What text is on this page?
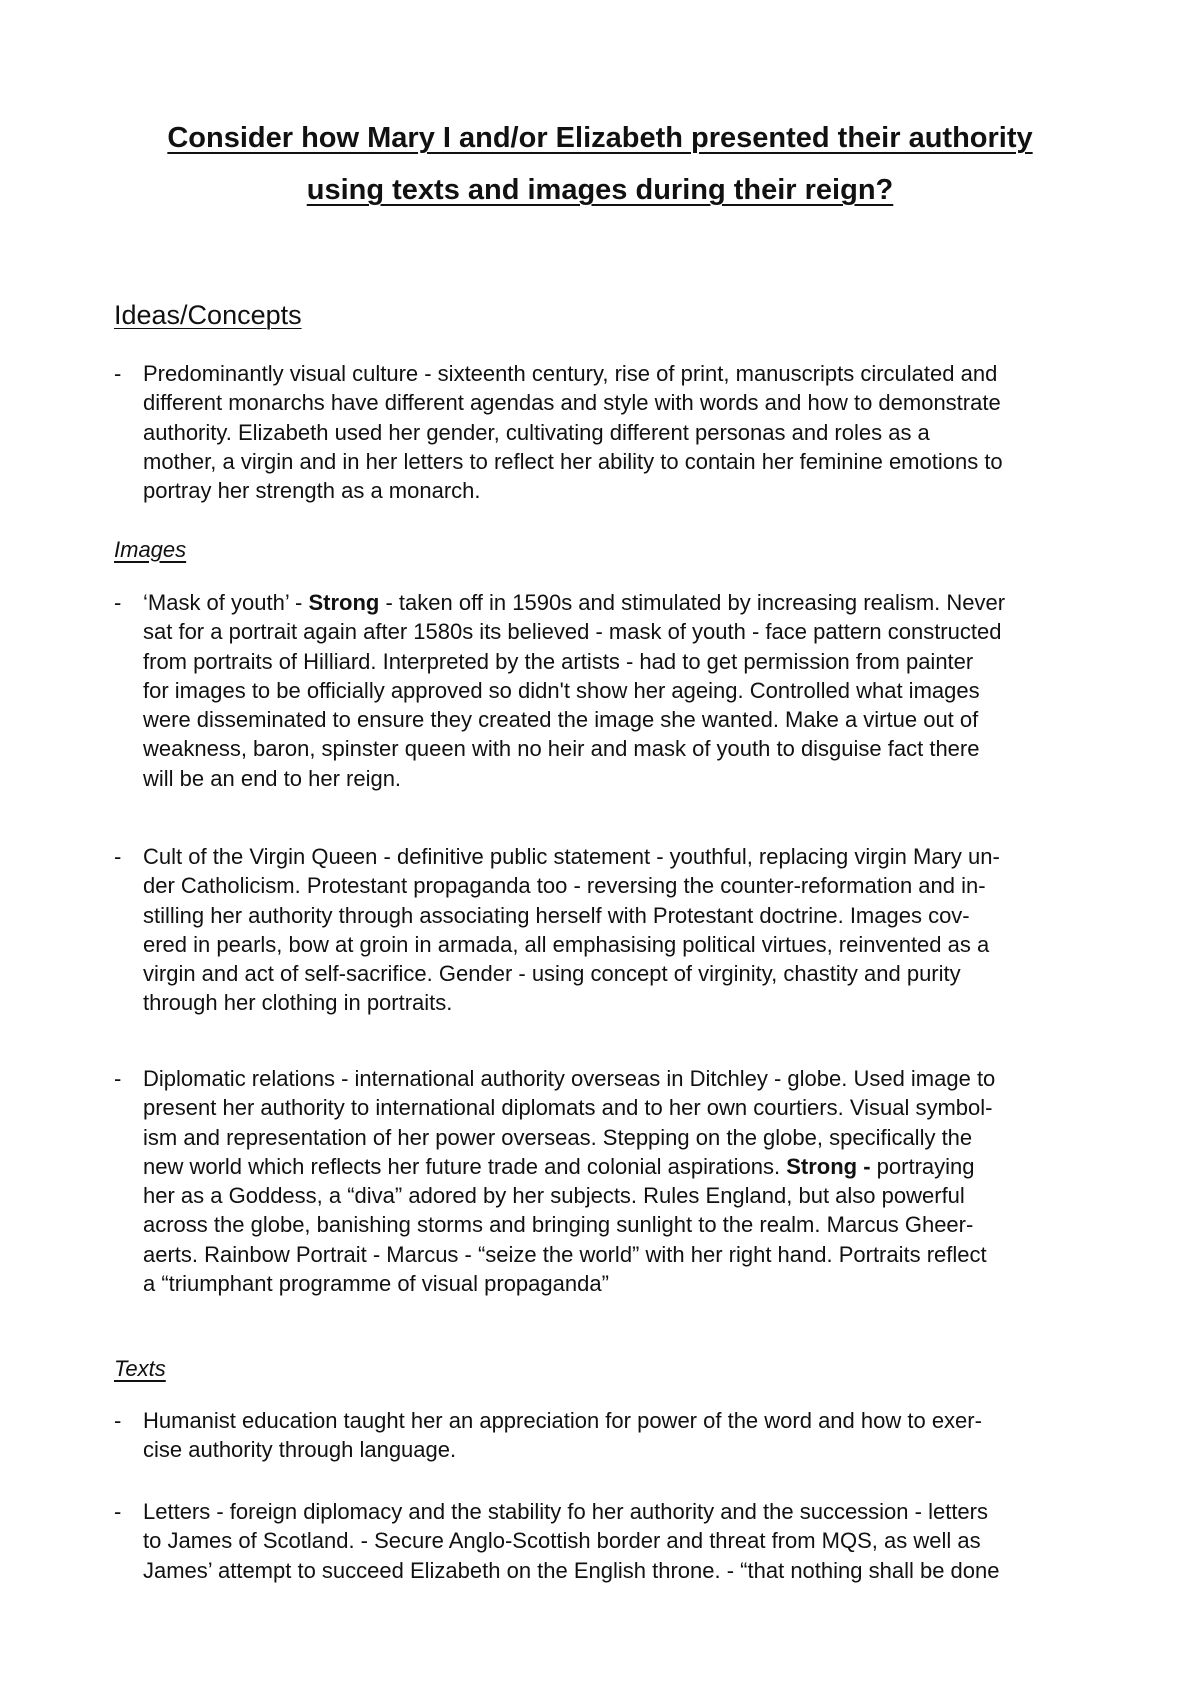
Consider how Mary I and/or Elizabeth presented their authority
using texts and images during their reign?
Ideas/Concepts
- Predominantly visual culture - sixteenth century, rise of print, manuscripts circulated and
different monarchs have different agendas and style with words and how to demonstrate
authority. Elizabeth used her gender, cultivating different personas and roles as a
mother, a virgin and in her letters to reflect her ability to contain her feminine emotions to
portray her strength as a monarch.
Images
- ‘Mask of youth’ - Strong - taken off in 1590s and stimulated by increasing realism. Never
sat for a portrait again after 1580s its believed - mask of youth - face pattern constructed
from portraits of Hilliard. Interpreted by the artists - had to get permission from painter
for images to be officially approved so didn't show her ageing. Controlled what images
were disseminated to ensure they created the image she wanted. Make a virtue out of
weakness, baron, spinster queen with no heir and mask of youth to disguise fact there
will be an end to her reign.
- Cult of the Virgin Queen - definitive public statement - youthful, replacing virgin Mary un-
der Catholicism. Protestant propaganda too - reversing the counter-reformation and in-
stilling her authority through associating herself with Protestant doctrine. Images cov-
ered in pearls, bow at groin in armada, all emphasising political virtues, reinvented as a
virgin and act of self-sacrifice. Gender - using concept of virginity, chastity and purity
through her clothing in portraits.
- Diplomatic relations - international authority overseas in Ditchley - globe. Used image to
present her authority to international diplomats and to her own courtiers. Visual symbol-
ism and representation of her power overseas. Stepping on the globe, specifically the
new world which reflects her future trade and colonial aspirations. Strong - portraying
her as a Goddess, a “diva” adored by her subjects. Rules England, but also powerful
across the globe, banishing storms and bringing sunlight to the realm. Marcus Gheer-
aerts. Rainbow Portrait - Marcus - “seize the world” with her right hand. Portraits reflect
a “triumphant programme of visual propaganda”
Texts
- Humanist education taught her an appreciation for power of the word and how to exer-
cise authority through language.
- Letters - foreign diplomacy and the stability fo her authority and the succession - letters
to James of Scotland. - Secure Anglo-Scottish border and threat from MQS, as well as
James’ attempt to succeed Elizabeth on the English throne. - “that nothing shall be done
